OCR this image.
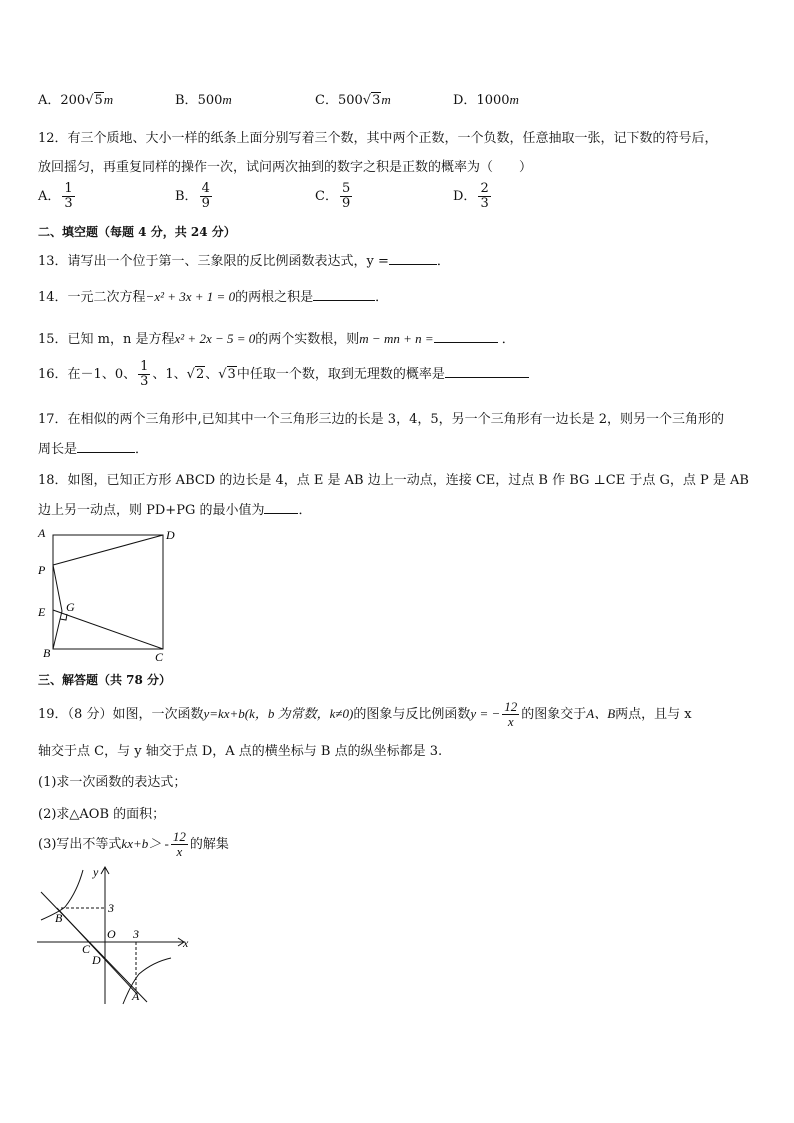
A．200√5m	B．500m	C．500√3m	D．1000m
12．有三个质地、大小一样的纸条上面分别写着三个数，其中两个正数，一个负数，任意抽取一张，记下数的符号后，
放回摇匀，再重复同样的操作一次，试问两次抽到的数字之积是正数的概率为（　　）
A． $\frac{1}{3}$	B． $\frac{4}{9}$	C． $\frac{5}{9}$	D． $\frac{2}{3}$
二、填空题（每题 4 分，共 24 分）
13．请写出一个位于第一、三象限的反比例函数表达式，y =	．
14．一元二次方程−x² + 3x + 1 = 0的两根之积是	．
15．已知 m，n 是方程x² + 2x − 5 = 0的两个实数根，则m − mn + n =	．
16．在－1、0、 $\frac{1}{3}$ 、1、√2、√3中任取一个数，取到无理数的概率是
17．在相似的两个三角形中,已知其中一个三角形三边的长是 3，4，5，另一个三角形有一边长是 2，则另一个三角形的
周长是	．
18．如图，已知正方形 ABCD 的边长是 4，点 E 是 AB 边上一动点，连接 CE，过点 B 作 BG ⊥CE 于点 G，点 P 是 AB
边上另一动点，则 PD+PG 的最小值为	．
A	D
P
E G
B	C
三、解答题（共 78 分）
19．（8 分）如图，一次函数y=kx+b(k，b 为常数，k≠0)的图象与反比例函数y = − $\frac{12}{x}$ 的图象交于A、B两点，且与 x
轴交于点 C，与 y 轴交于点 D，A 点的横坐标与 B 点的纵坐标都是 3.
(1)求一次函数的表达式；
(2)求△AOB 的面积；
(3)写出不等式$kx+b> - \frac{12}{x}$ 的解集
y
x
3
3
O
B
C
D
A
